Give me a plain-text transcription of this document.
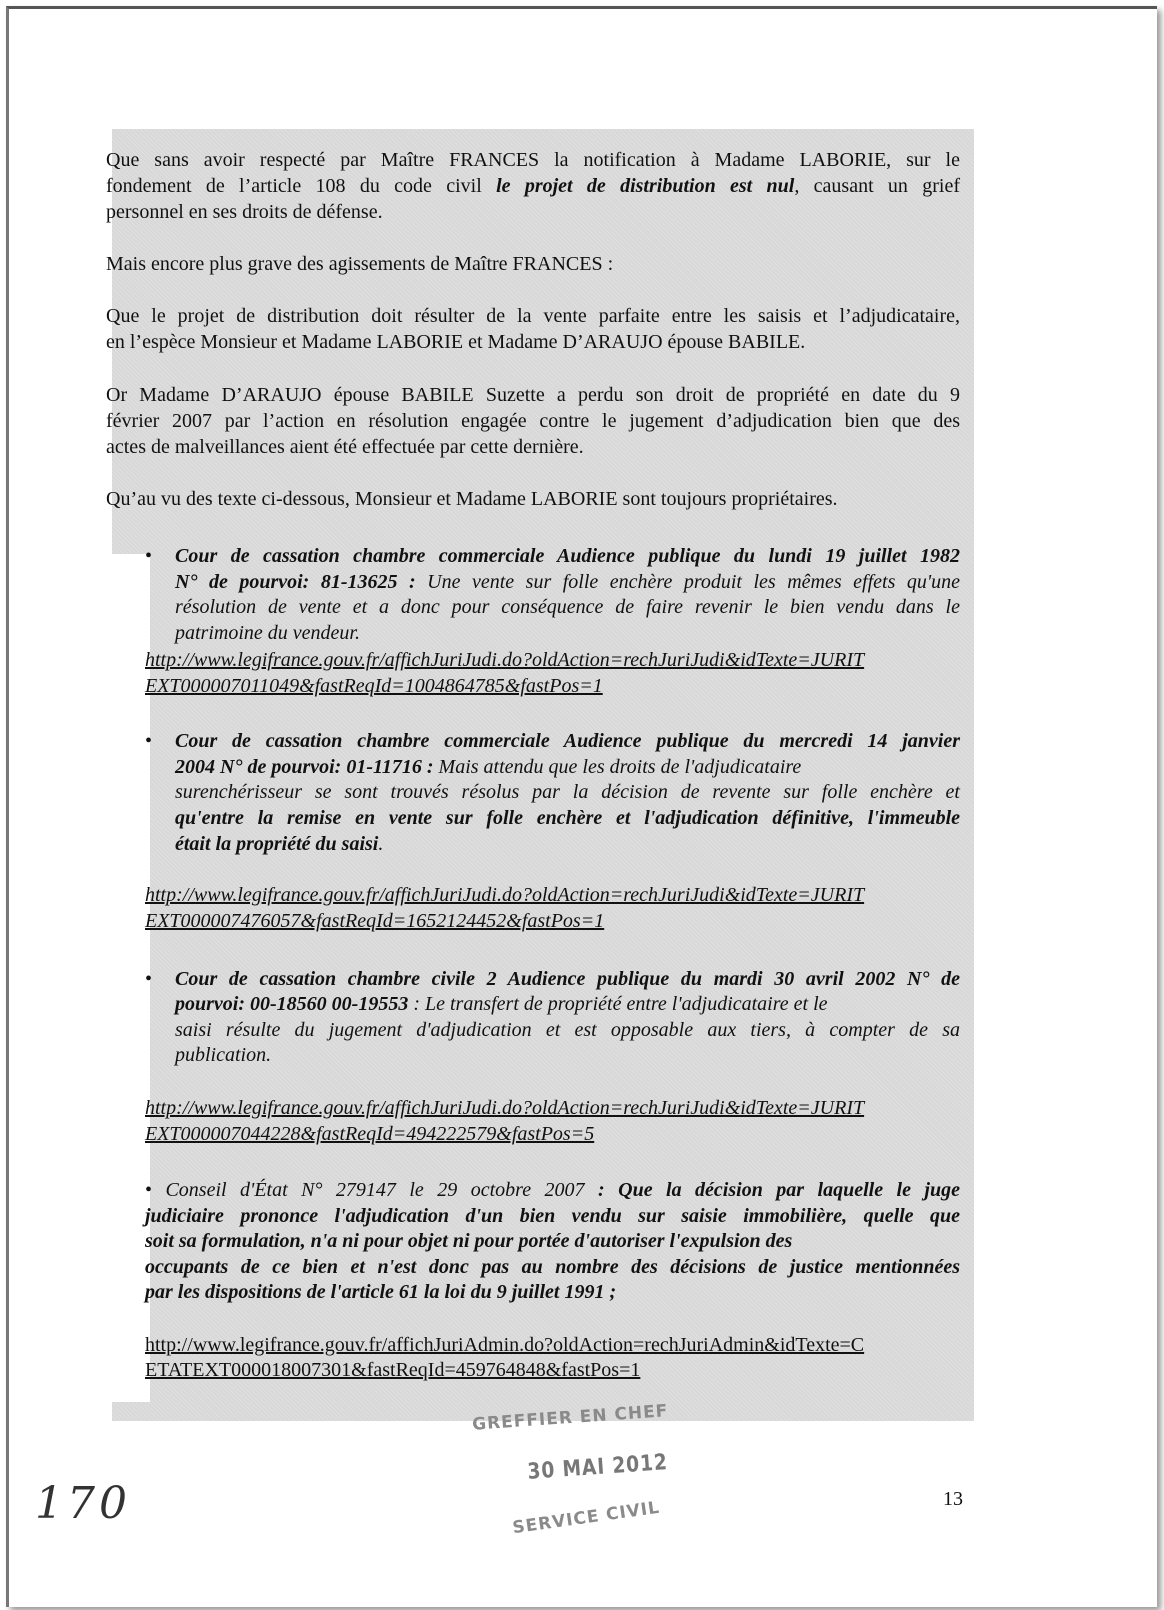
Que sans avoir respecté par Maître FRANCES la notification à Madame LABORIE, sur le
fondement de l’article 108 du code civil le projet de distribution est nul, causant un grief
personnel en ses droits de défense.
Mais encore plus grave des agissements de Maître FRANCES :
Que le projet de distribution doit résulter de la vente parfaite entre les saisis et l’adjudicataire,
en l’espèce Monsieur et Madame LABORIE et Madame D’ARAUJO épouse BABILE.
Or Madame D’ARAUJO épouse BABILE Suzette a perdu son droit de propriété en date du 9
février 2007 par l’action en résolution engagée contre le jugement d’adjudication bien que des
actes de malveillances aient été effectuée par cette dernière.
Qu’au vu des texte ci-dessous, Monsieur et Madame LABORIE sont toujours propriétaires.
• Cour de cassation chambre commerciale Audience publique du lundi 19 juillet 1982
N° de pourvoi: 81-13625 : Une vente sur folle enchère produit les mêmes effets qu'une
résolution de vente et a donc pour conséquence de faire revenir le bien vendu dans le
patrimoine du vendeur.
http://www.legifrance.gouv.fr/affichJuriJudi.do?oldAction=rechJuriJudi&idTexte=JURIT
EXT000007011049&fastReqId=1004864785&fastPos=1
• Cour de cassation chambre commerciale Audience publique du mercredi 14 janvier
2004 N° de pourvoi: 01-11716 : Mais attendu que les droits de l'adjudicataire
surenchérisseur se sont trouvés résolus par la décision de revente sur folle enchère et
qu'entre la remise en vente sur folle enchère et l'adjudication définitive, l'immeuble
était la propriété du saisi.
http://www.legifrance.gouv.fr/affichJuriJudi.do?oldAction=rechJuriJudi&idTexte=JURIT
EXT000007476057&fastReqId=1652124452&fastPos=1
• Cour de cassation chambre civile 2 Audience publique du mardi 30 avril 2002 N° de
pourvoi: 00-18560 00-19553 : Le transfert de propriété entre l'adjudicataire et le
saisi résulte du jugement d'adjudication et est opposable aux tiers, à compter de sa
publication.
http://www.legifrance.gouv.fr/affichJuriJudi.do?oldAction=rechJuriJudi&idTexte=JURIT
EXT000007044228&fastReqId=494222579&fastPos=5
• Conseil d'État N° 279147 le 29 octobre 2007 : Que la décision par laquelle le juge
judiciaire prononce l'adjudication d'un bien vendu sur saisie immobilière, quelle que
soit sa formulation, n'a ni pour objet ni pour portée d'autoriser l'expulsion des
occupants de ce bien et n'est donc pas au nombre des décisions de justice mentionnées
par les dispositions de l'article 61 la loi du 9 juillet 1991 ;
http://www.legifrance.gouv.fr/affichJuriAdmin.do?oldAction=rechJuriAdmin&idTexte=C
ETATEXT000018007301&fastReqId=459764848&fastPos=1
GREFFIER EN CHEF
30 MAI 2012
SERVICE CIVIL
170	13
